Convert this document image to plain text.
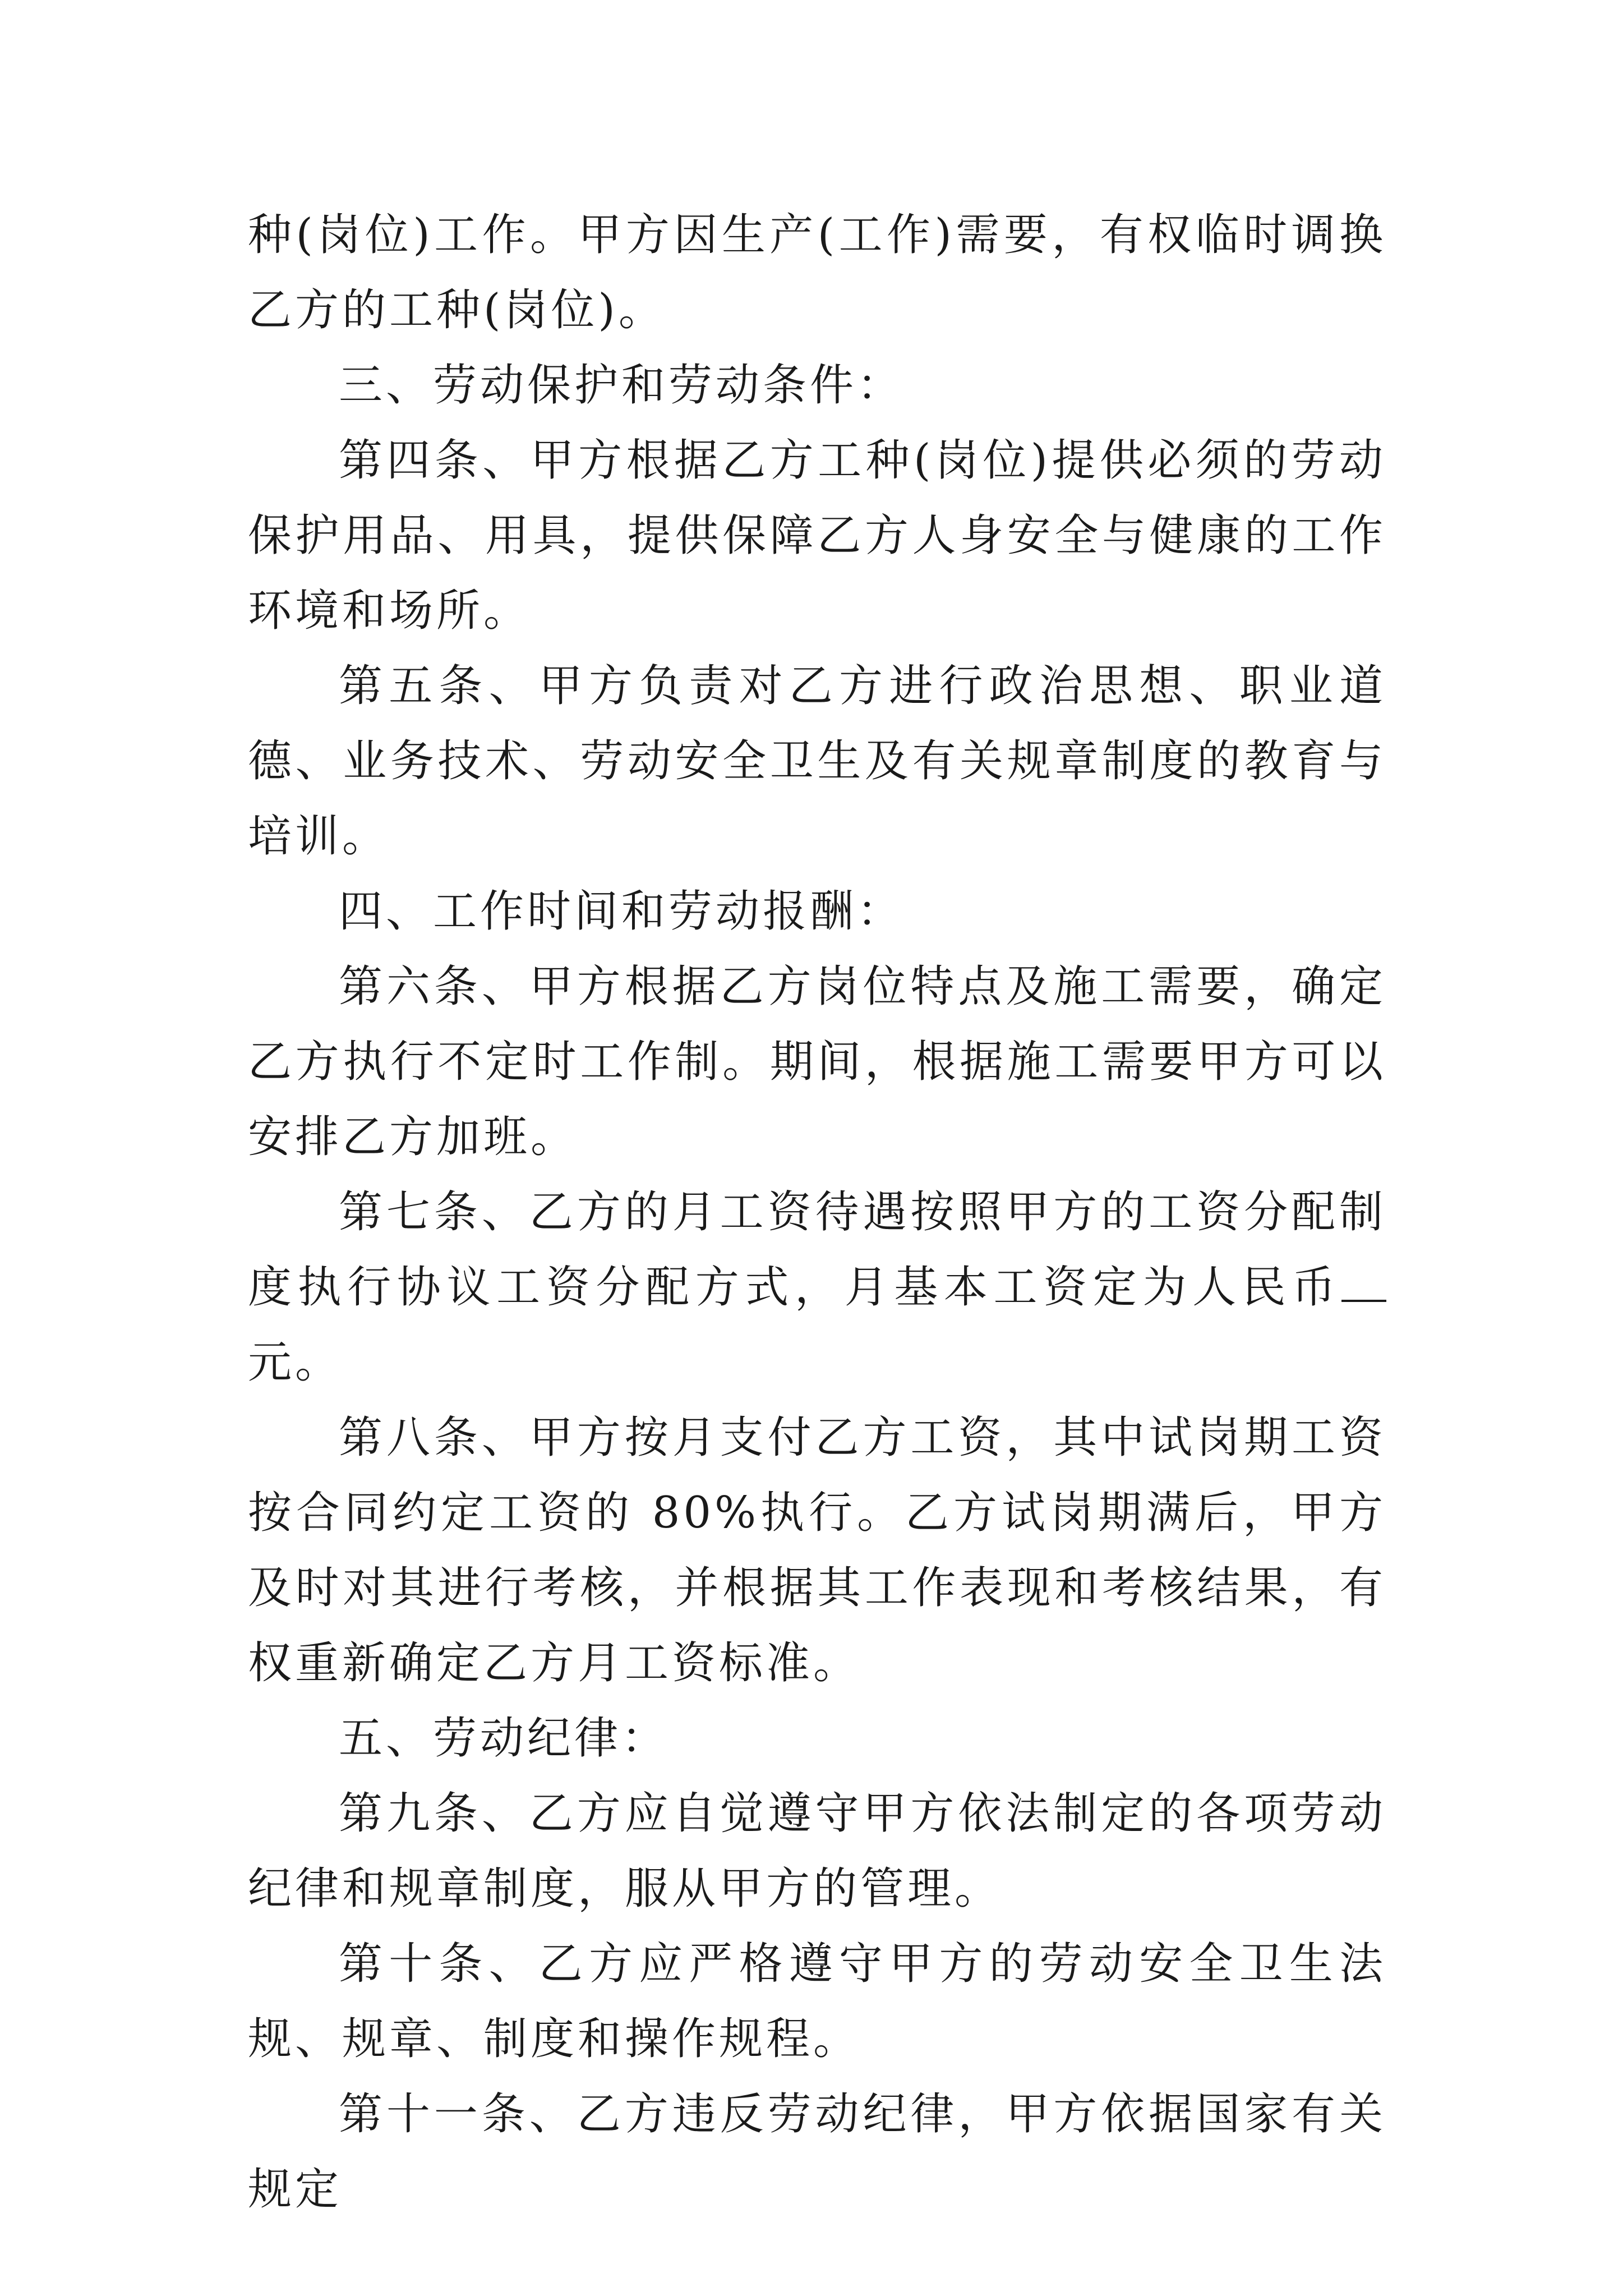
种(岗位)工作。甲方因生产(工作)需要，有权临时调换乙方的工种(岗位)。

三、劳动保护和劳动条件：

第四条、甲方根据乙方工种(岗位)提供必须的劳动保护用品、用具，提供保障乙方人身安全与健康的工作环境和场所。

第五条、甲方负责对乙方进行政治思想、职业道德、业务技术、劳动安全卫生及有关规章制度的教育与培训。

四、工作时间和劳动报酬：

第六条、甲方根据乙方岗位特点及施工需要，确定乙方执行不定时工作制。期间，根据施工需要甲方可以安排乙方加班。

第七条、乙方的月工资待遇按照甲方的工资分配制度执行协议工资分配方式，月基本工资定为人民币元。

第八条、甲方按月支付乙方工资，其中试岗期工资按合同约定工资的 80%执行。乙方试岗期满后，甲方及时对其进行考核，并根据其工作表现和考核结果，有权重新确定乙方月工资标准。

五、劳动纪律：

第九条、乙方应自觉遵守甲方依法制定的各项劳动纪律和规章制度，服从甲方的管理。

第十条、乙方应严格遵守甲方的劳动安全卫生法规、规章、制度和操作规程。

第十一条、乙方违反劳动纪律，甲方依据国家有关规定
